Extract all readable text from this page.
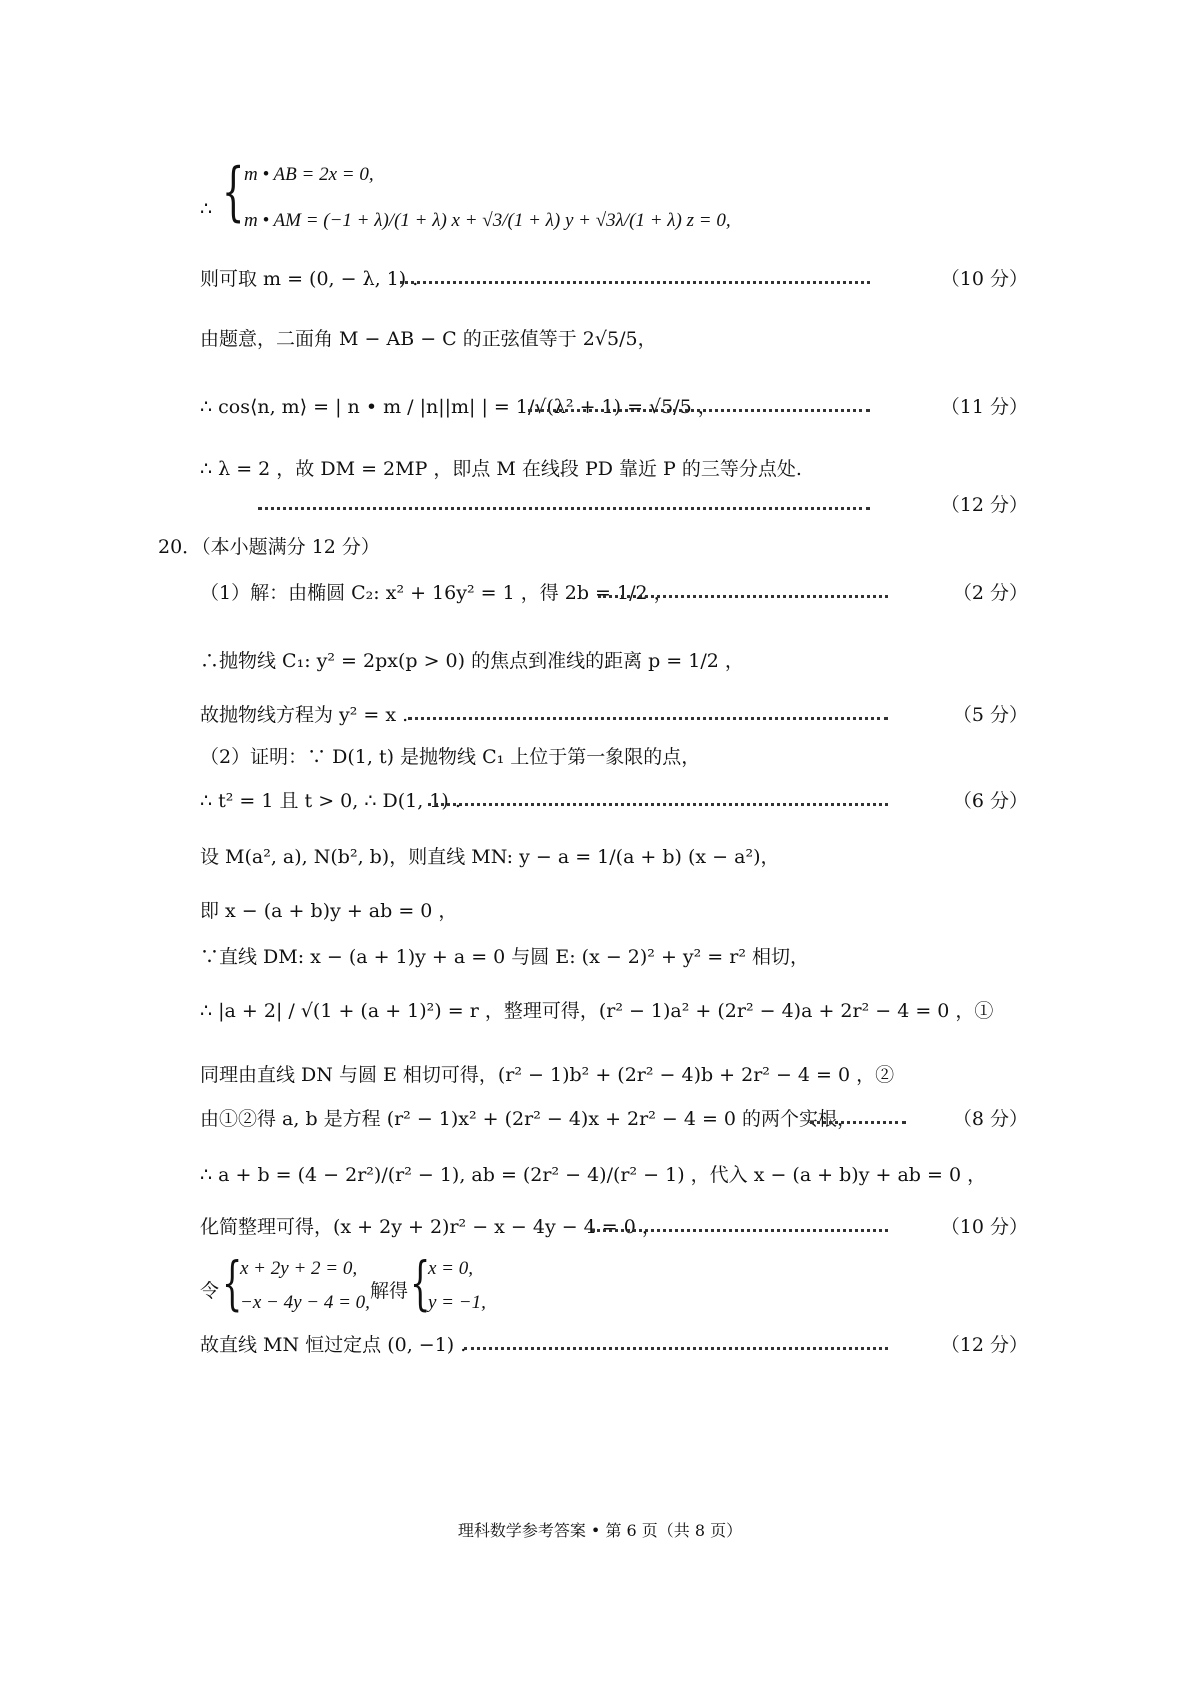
∴ { m • AB = 2x = 0,
m • AM = (−1 + λ)/(1 + λ) x + √3/(1 + λ) y + √3λ/(1 + λ) z = 0,
则可取 m = (0, − λ, 1) .	（10 分）
由题意，二面角 M − AB − C 的正弦值等于 2√5/5，
∴ cos⟨n, m⟩ = | n • m / |n||m| | = 1/√(λ² + 1) = √5/5 ，	（11 分）
∴ λ = 2 ，故 DM = 2MP ，即点 M 在线段 PD 靠近 P 的三等分点处.
（12 分）
20．（本小题满分 12 分）
（1）解：由椭圆 C₂: x² + 16y² = 1 ，得 2b = 1/2 ，	（2 分）
∴抛物线 C₁: y² = 2px(p > 0) 的焦点到准线的距离 p = 1/2 ，
故抛物线方程为 y² = x .	（5 分）
（2）证明：∵ D(1, t) 是抛物线 C₁ 上位于第一象限的点，
∴ t² = 1 且 t > 0, ∴ D(1, 1) .	（6 分）
设 M(a², a), N(b², b)，则直线 MN: y − a = 1/(a + b) (x − a²)，
即 x − (a + b)y + ab = 0 ，
∵直线 DM: x − (a + 1)y + a = 0 与圆 E: (x − 2)² + y² = r² 相切，
∴ |a + 2| / √(1 + (a + 1)²) = r ，整理可得，(r² − 1)a² + (2r² − 4)a + 2r² − 4 = 0 ，①
同理由直线 DN 与圆 E 相切可得，(r² − 1)b² + (2r² − 4)b + 2r² − 4 = 0 ，②
由①②得 a, b 是方程 (r² − 1)x² + (2r² − 4)x + 2r² − 4 = 0 的两个实根，	（8 分）
∴ a + b = (4 − 2r²)/(r² − 1), ab = (2r² − 4)/(r² − 1) ，代入 x − (a + b)y + ab = 0 ，
化简整理可得，(x + 2y + 2)r² − x − 4y − 4 = 0 ，	（10 分）
令 {
x + 2y + 2 = 0,
−x − 4y − 4 = 0,
解得 {
x = 0,
y = −1,
故直线 MN 恒过定点 (0, −1) .	（12 分）
理科数学参考答案 • 第 6 页（共 8 页）
